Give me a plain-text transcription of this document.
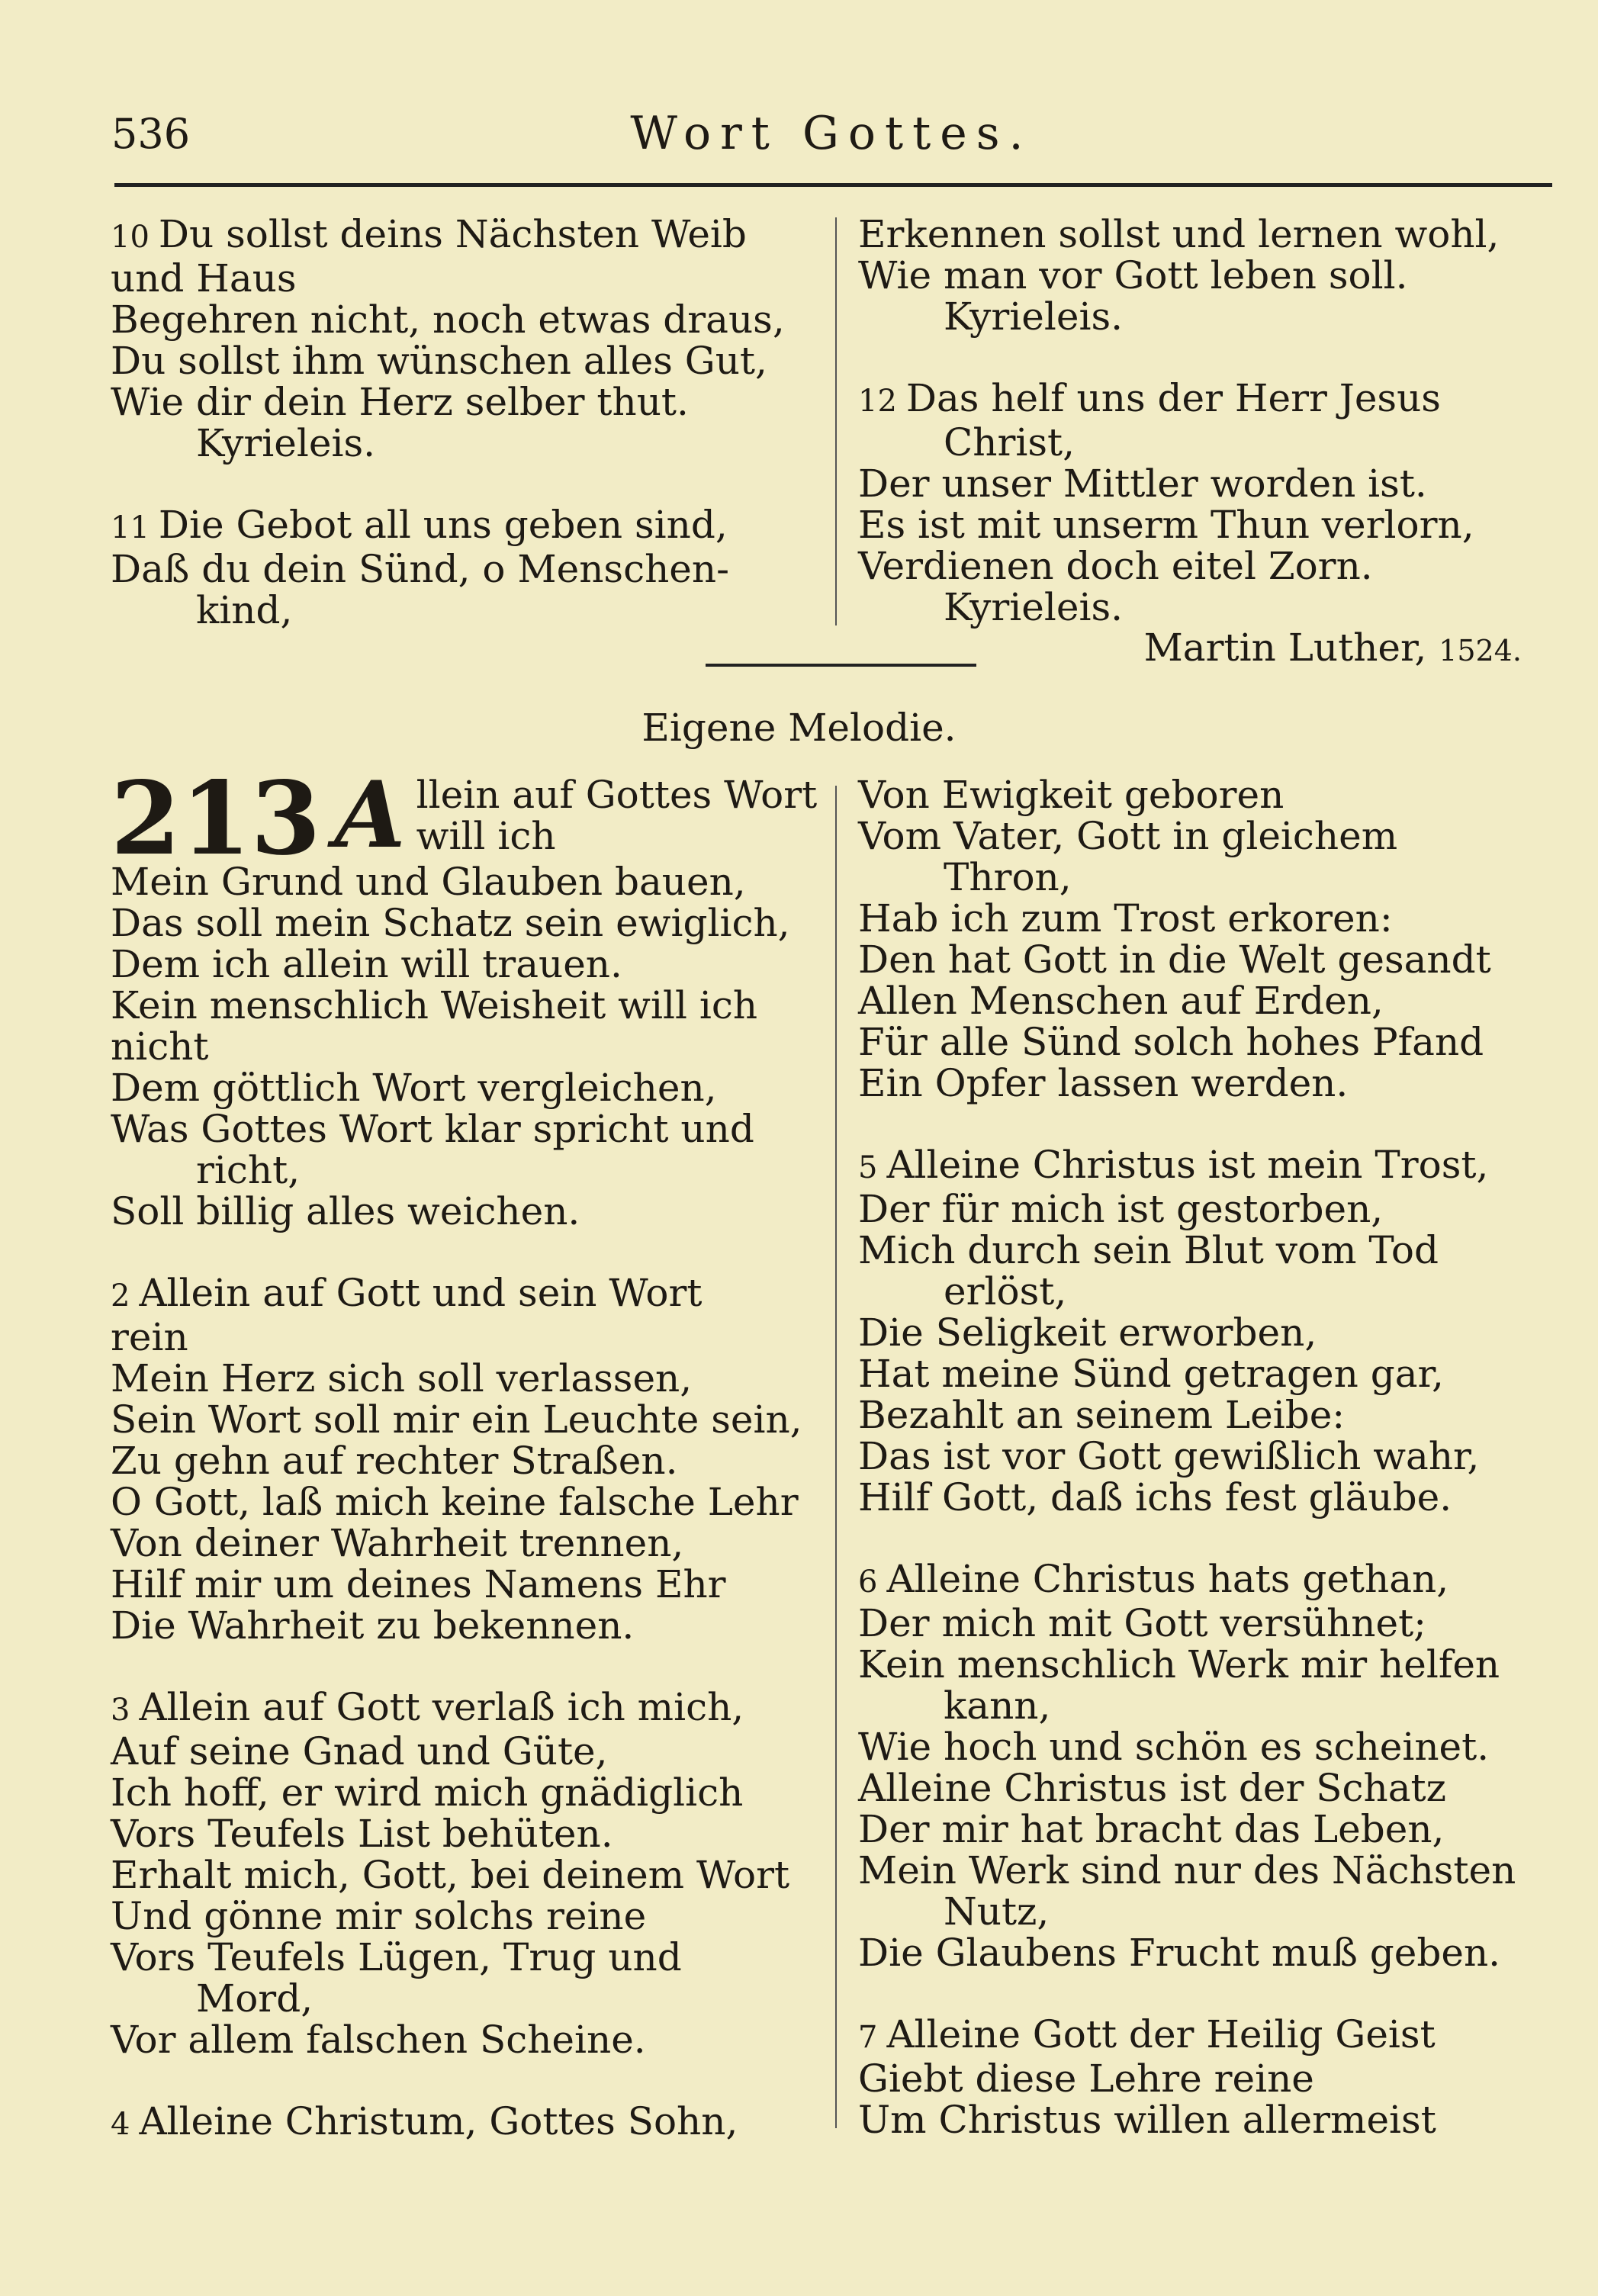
536	Wort Gottes.
10 Du sollst deins Nächsten Weib
und Haus
Begehren nicht, noch etwas draus,
Du sollst ihm wünschen alles Gut,
Wie dir dein Herz selber thut.
Kyrieleis.
11 Die Gebot all uns geben sind,
Daß du dein Sünd, o Menschen-
kind,
Erkennen sollst und lernen wohl,
Wie man vor Gott leben soll.
Kyrieleis.
12 Das helf uns der Herr Jesus
Christ,
Der unser Mittler worden ist.
Es ist mit unserm Thun verlorn,
Verdienen doch eitel Zorn.
Kyrieleis.
Martin Luther, 1524.
Eigene Melodie.
213 A llein auf Gottes Wort
will ich
Mein Grund und Glauben bauen,
Das soll mein Schatz sein ewiglich,
Dem ich allein will trauen.
Kein menschlich Weisheit will ich
nicht
Dem göttlich Wort vergleichen,
Was Gottes Wort klar spricht und
richt,
Soll billig alles weichen.
2 Allein auf Gott und sein Wort
rein
Mein Herz sich soll verlassen,
Sein Wort soll mir ein Leuchte sein,
Zu gehn auf rechter Straßen.
O Gott, laß mich keine falsche Lehr
Von deiner Wahrheit trennen,
Hilf mir um deines Namens Ehr
Die Wahrheit zu bekennen.
3 Allein auf Gott verlaß ich mich,
Auf seine Gnad und Güte,
Ich hoff, er wird mich gnädiglich
Vors Teufels List behüten.
Erhalt mich, Gott, bei deinem Wort
Und gönne mir solchs reine
Vors Teufels Lügen, Trug und
Mord,
Vor allem falschen Scheine.
4 Alleine Christum, Gottes Sohn,
Von Ewigkeit geboren
Vom Vater, Gott in gleichem
Thron,
Hab ich zum Trost erkoren:
Den hat Gott in die Welt gesandt
Allen Menschen auf Erden,
Für alle Sünd solch hohes Pfand
Ein Opfer lassen werden.
5 Alleine Christus ist mein Trost,
Der für mich ist gestorben,
Mich durch sein Blut vom Tod
erlöst,
Die Seligkeit erworben,
Hat meine Sünd getragen gar,
Bezahlt an seinem Leibe:
Das ist vor Gott gewißlich wahr,
Hilf Gott, daß ichs fest gläube.
6 Alleine Christus hats gethan,
Der mich mit Gott versühnet;
Kein menschlich Werk mir helfen
kann,
Wie hoch und schön es scheinet.
Alleine Christus ist der Schatz
Der mir hat bracht das Leben,
Mein Werk sind nur des Nächsten
Nutz,
Die Glaubens Frucht muß geben.
7 Alleine Gott der Heilig Geist
Giebt diese Lehre reine
Um Christus willen allermeist
